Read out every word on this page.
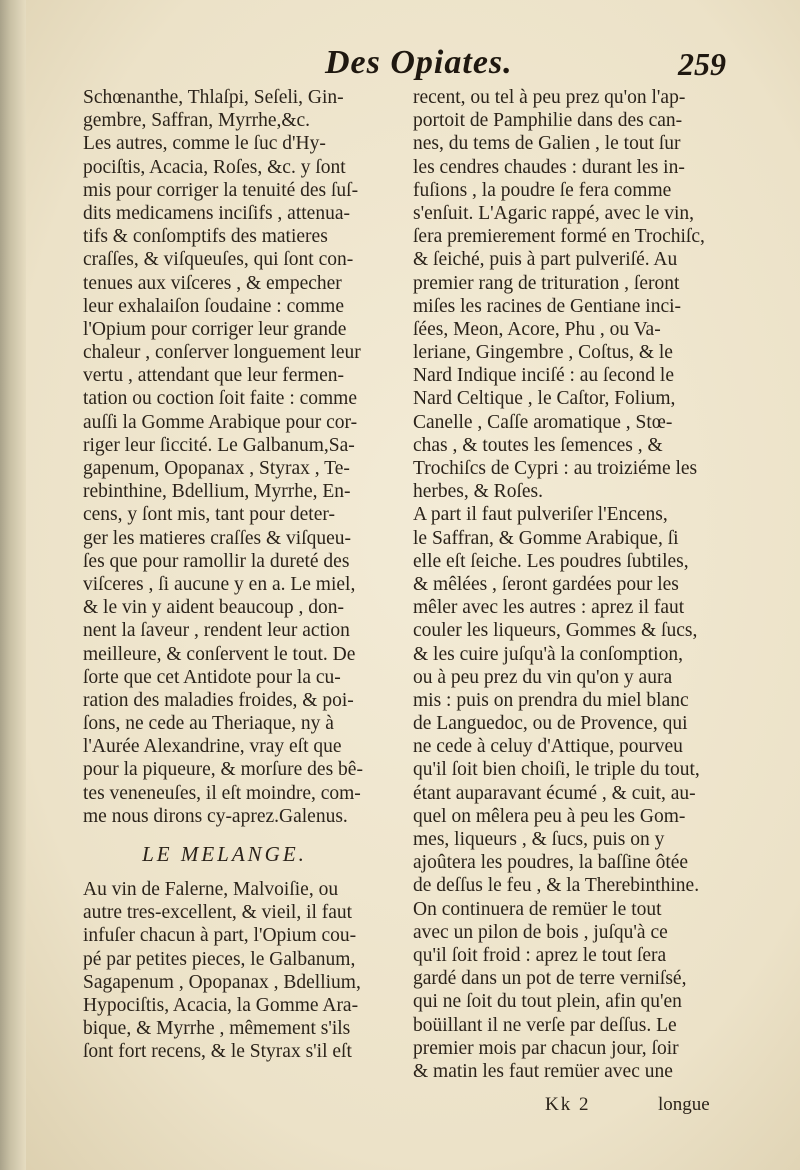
Des Opiates.	259
Schœnanthe, Thlaſpi, Seſeli, Gin-
gembre, Saffran, Myrrhe,&c.
Les autres, comme le ſuc d'Hy-
pociſtis, Acacia, Roſes, &c. y ſont
mis pour corriger la tenuité des ſuſ-
dits medicamens inciſifs , attenua-
tifs & conſomptifs des matieres
craſſes, & viſqueuſes, qui ſont con-
tenues aux viſceres , & empecher
leur exhalaiſon ſoudaine : comme
l'Opium pour corriger leur grande
chaleur , conſerver longuement leur
vertu , attendant que leur fermen-
tation ou coction ſoit faite : comme
auſſi la Gomme Arabique pour cor-
riger leur ſiccité. Le Galbanum,Sa-
gapenum, Opopanax , Styrax , Te-
rebinthine, Bdellium, Myrrhe, En-
cens, y ſont mis, tant pour deter-
ger les matieres craſſes & viſqueu-
ſes que pour ramollir la dureté des
viſceres , ſi aucune y en a. Le miel,
& le vin y aident beaucoup , don-
nent la ſaveur , rendent leur action
meilleure, & conſervent le tout. De
ſorte que cet Antidote pour la cu-
ration des maladies froides, & poi-
ſons, ne cede au Theriaque, ny à
l'Aurée Alexandrine, vray eſt que
pour la piqueure, & morſure des bê-
tes veneneuſes, il eſt moindre, com-
me nous dirons cy-aprez.Galenus.
LE MELANGE.
Au vin de Falerne, Malvoiſie, ou
autre tres-excellent, & vieil, il faut
infuſer chacun à part, l'Opium cou-
pé par petites pieces, le Galbanum,
Sagapenum , Opopanax , Bdellium,
Hypociſtis, Acacia, la Gomme Ara-
bique, & Myrrhe , mêmement s'ils
ſont fort recens, & le Styrax s'il eſt
recent, ou tel à peu prez qu'on l'ap-
portoit de Pamphilie dans des can-
nes, du tems de Galien , le tout ſur
les cendres chaudes : durant les in-
fuſions , la poudre ſe fera comme
s'enſuit. L'Agaric rappé, avec le vin,
ſera premierement formé en Trochiſc,
& ſeiché, puis à part pulveriſé. Au
premier rang de trituration , ſeront
miſes les racines de Gentiane inci-
ſées, Meon, Acore, Phu , ou Va-
leriane, Gingembre , Coſtus, & le
Nard Indique inciſé : au ſecond le
Nard Celtique , le Caſtor, Folium,
Canelle , Caſſe aromatique , Stœ-
chas , & toutes les ſemences , &
Trochiſcs de Cypri : au troiziéme les
herbes, & Roſes.
A part il faut pulveriſer l'Encens,
le Saffran, & Gomme Arabique, ſi
elle eſt ſeiche. Les poudres ſubtiles,
& mêlées , ſeront gardées pour les
mêler avec les autres : aprez il faut
couler les liqueurs, Gommes & ſucs,
& les cuire juſqu'à la conſomption,
ou à peu prez du vin qu'on y aura
mis : puis on prendra du miel blanc
de Languedoc, ou de Provence, qui
ne cede à celuy d'Attique, pourveu
qu'il ſoit bien choiſi, le triple du tout,
étant auparavant écumé , & cuit, au-
quel on mêlera peu à peu les Gom-
mes, liqueurs , & ſucs, puis on y
ajoûtera les poudres, la baſſine ôtée
de deſſus le feu , & la Therebinthine.
On continuera de remüer le tout
avec un pilon de bois , juſqu'à ce
qu'il ſoit froid : aprez le tout ſera
gardé dans un pot de terre verniſsé,
qui ne ſoit du tout plein, afin qu'en
boüillant il ne verſe par deſſus. Le
premier mois par chacun jour, ſoir
& matin les faut remüer avec une
Kk 2	longue
